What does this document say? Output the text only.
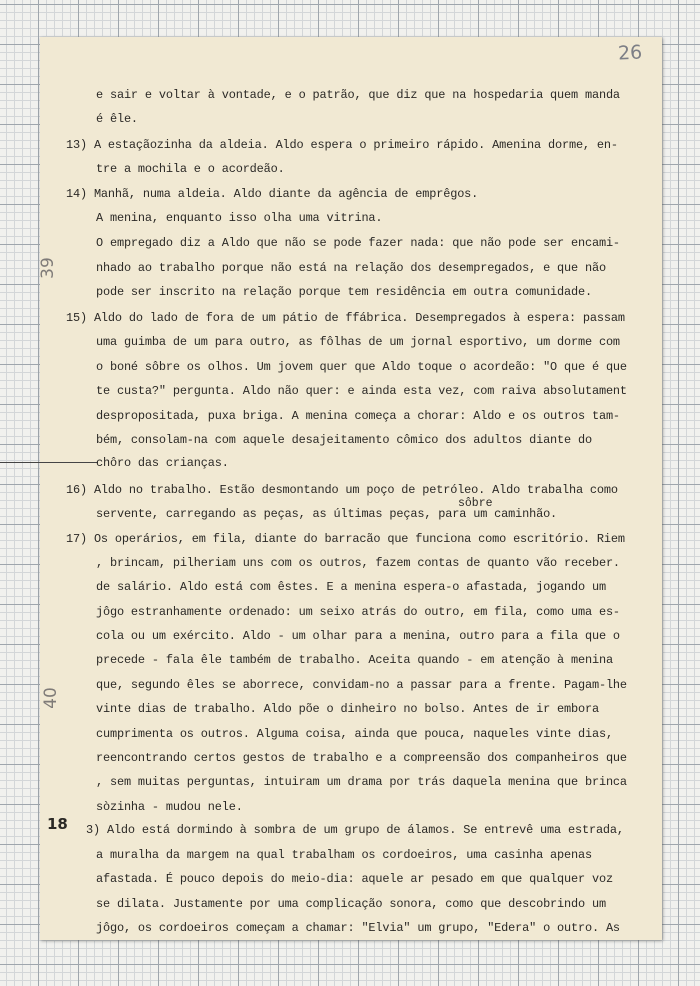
26
39
40
18
sôbre
e sair e voltar à vontade, e o patrão, que diz que na hospedaria quem manda
é êle.
13) A estaçãozinha da aldeia. Aldo espera o primeiro rápido. Amenina dorme, en-
tre a mochila e o acordeão.
14) Manhã, numa aldeia. Aldo diante da agência de emprêgos.
A menina, enquanto isso olha uma vitrina.
O empregado diz a Aldo que não se pode fazer nada: que não pode ser encami-
nhado ao trabalho porque não está na relação dos desempregados, e que não
pode ser inscrito na relação porque tem residência em outra comunidade.
15) Aldo do lado de fora de um pátio de ffábrica. Desempregados à espera: passam
uma guimba de um para outro, as fôlhas de um jornal esportivo, um dorme com
o boné sôbre os olhos. Um jovem quer que Aldo toque o acordeão: "O que é que
te custa?" pergunta. Aldo não quer: e ainda esta vez, com raiva absolutament
despropositada, puxa briga. A menina começa a chorar: Aldo e os outros tam-
bém, consolam-na com aquele desajeitamento cômico dos adultos diante do
chôro das crianças.
16) Aldo no trabalho. Estão desmontando um poço de petróleo. Aldo trabalha como
servente, carregando as peças, as últimas peças, para um caminhão.
17) Os operários, em fila, diante do barracão que funciona como escritório. Riem
, brincam, pilheriam uns com os outros, fazem contas de quanto vão receber.
de salário. Aldo está com êstes. E a menina espera-o afastada, jogando um
jôgo estranhamente ordenado: um seixo atrás do outro, em fila, como uma es-
cola ou um exército. Aldo - um olhar para a menina, outro para a fila que o
precede - fala êle também de trabalho. Aceita quando - em atenção à menina
que, segundo êles se aborrece, convidam-no a passar para a frente. Pagam-lhe
vinte dias de trabalho. Aldo põe o dinheiro no bolso. Antes de ir embora
cumprimenta os outros. Alguma coisa, ainda que pouca, naqueles vinte dias,
reencontrando certos gestos de trabalho e a compreensão dos companheiros que
, sem muitas perguntas, intuiram um drama por trás daquela menina que brinca
sòzinha - mudou nele.
3) Aldo está dormindo à sombra de um grupo de álamos. Se entrevê uma estrada,
a muralha da margem na qual trabalham os cordoeiros, uma casinha apenas
afastada. É pouco depois do meio-dia: aquele ar pesado em que qualquer voz
se dilata. Justamente por uma complicação sonora, como que descobrindo um
jôgo, os cordoeiros começam a chamar: "Elvia" um grupo, "Edera" o outro. As
